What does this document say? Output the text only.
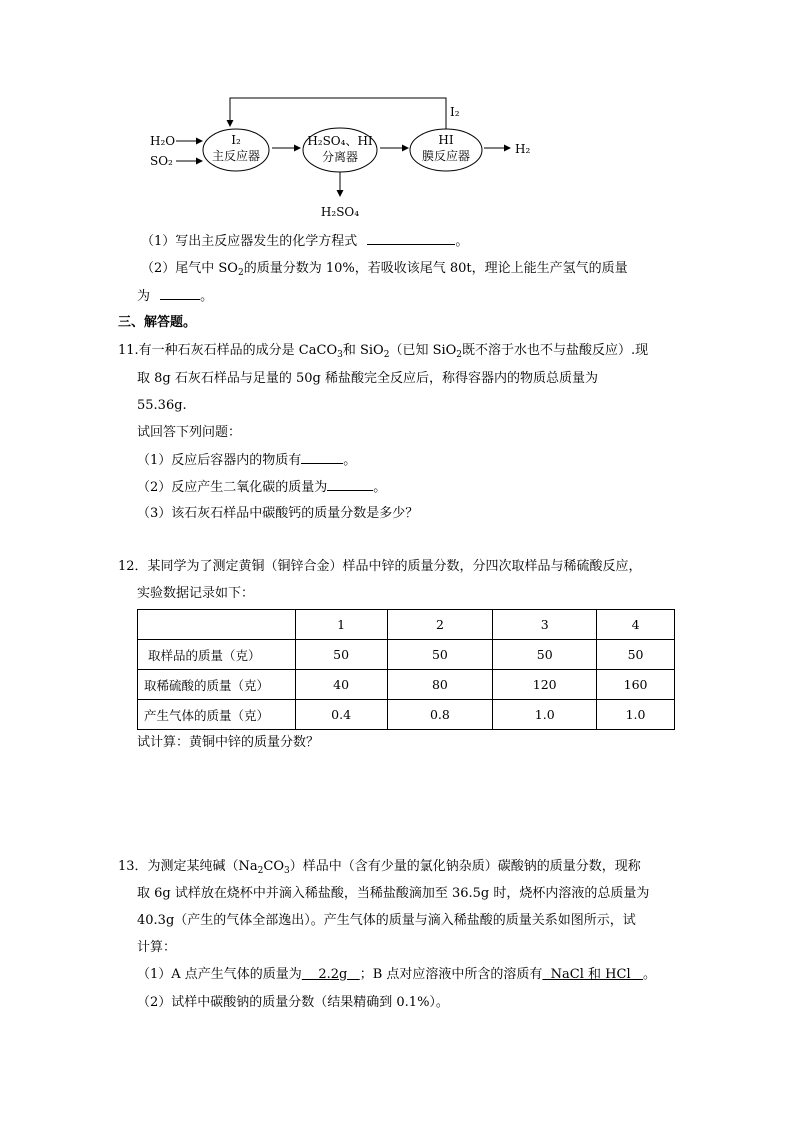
H₂O
SO₂
I₂
主反应器
H₂SO₄、HI
分离器
H₂SO₄
HI
膜反应器	H₂
I₂
（1）写出主反应器发生的化学方程式	。
（2）尾气中 $SO_2$的质量分数为 10%，若吸收该尾气 80t，理论上能生产氢气的质量
为	。
三、解答题。
11.有一种石灰石样品的成分是 CaCO$_3$和 SiO$_2$（已知 SiO$_2$既不溶于水也不与盐酸反应）.现
取 8g 石灰石样品与足量的 50g 稀盐酸完全反应后，称得容器内的物质总质量为
55.36g.
试回答下列问题：
（1）反应后容器内的物质有	。
（2）反应产生二氧化碳的质量为	。
（3）该石灰石样品中碳酸钙的质量分数是多少？
12．某同学为了测定黄铜（铜锌合金）样品中锌的质量分数，分四次取样品与稀硫酸反应，
实验数据记录如下：
	1	2	3	4
取样品的质量（克）	50	50	50	50
取稀硫酸的质量（克）	40	80	120	160
产生气体的质量（克）	0.4	0.8	1.0	1.0
试计算：黄铜中锌的质量分数？
13．为测定某纯碱$(Na_2CO_3)$样品中（含有少量的氯化钠杂质）碳酸钠的质量分数，现称
取 6g 试样放在烧杯中并滴入稀盐酸，当稀盐酸滴加至 36.5g 时，烧杯内溶液的总质量为
40.3g（产生的气体全部逸出）。产生气体的质量与滴入稀盐酸的质量关系如图所示，试
计算：
（1）A 点产生气体的质量为    2.2g   ；B 点对应溶液中所含的溶质有  NaCl 和 HCl   。
（2）试样中碳酸钠的质量分数（结果精确到 0.1%）。
